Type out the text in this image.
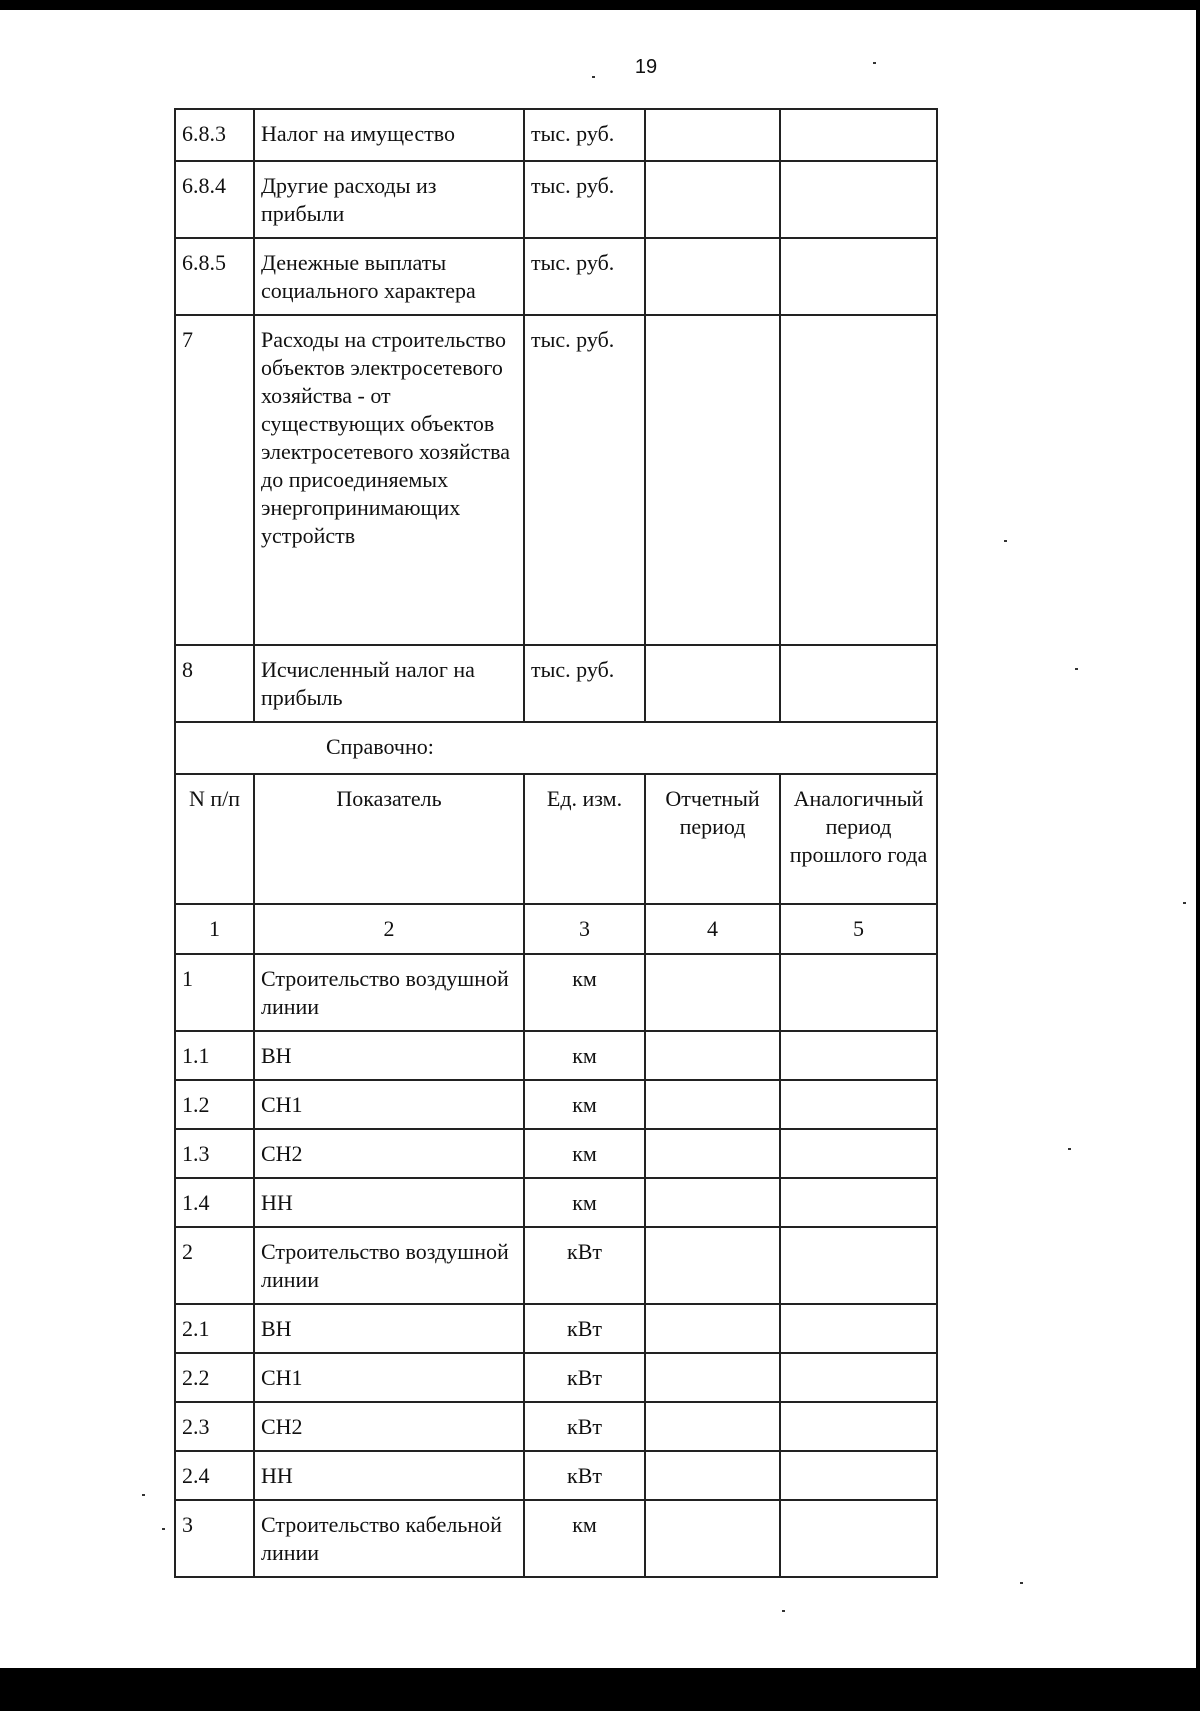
19
6.8.3	Налог на имущество	тыс. руб.		
6.8.4	Другие расходы из прибыли	тыс. руб.		
6.8.5	Денежные выплаты социального характера	тыс. руб.		
7	Расходы на строительство объектов электросетевого хозяйства - от существующих объектов электросетевого хозяйства до присоединяемых энергопринимающих устройств	тыс. руб.		
8	Исчисленный налог на прибыль	тыс. руб.		
Справочно:				
N п/п	Показатель	Ед. изм.	Отчетный период	Аналогичный период прошлого года
1	2	3	4	5
1	Строительство воздушной линии	км		
1.1	ВН	км		
1.2	СН1	км		
1.3	СН2	км		
1.4	НН	км		
2	Строительство воздушной линии	кВт		
2.1	ВН	кВт		
2.2	СН1	кВт		
2.3	СН2	кВт		
2.4	НН	кВт		
3	Строительство кабельной линии	км		
